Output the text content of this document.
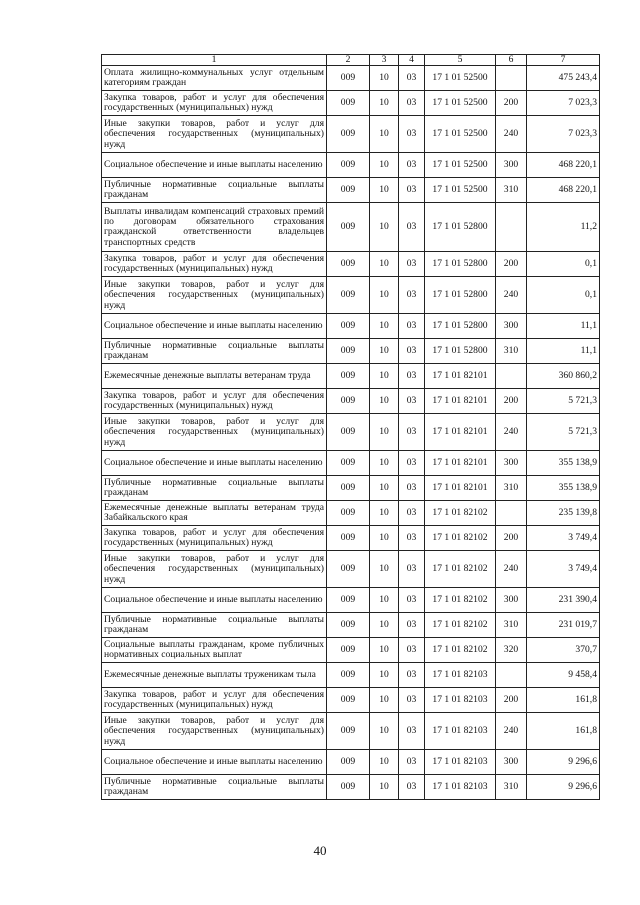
1	2	3	4	5	6	7
Оплата жилищно-коммунальных услуг отдельным категориям граждан	009	10	03	17 1 01 52500		475 243,4
Закупка товаров, работ и услуг для обеспечения государственных (муниципальных) нужд	009	10	03	17 1 01 52500	200	7 023,3
Иные закупки товаров, работ и услуг для обеспечения государственных (муниципальных) нужд	009	10	03	17 1 01 52500	240	7 023,3
Социальное обеспечение и иные выплаты населению	009	10	03	17 1 01 52500	300	468 220,1
Публичные нормативные социальные выплаты гражданам	009	10	03	17 1 01 52500	310	468 220,1
Выплаты инвалидам компенсаций страховых премий по договорам обязательного страхования гражданской ответственности владельцев транспортных средств	009	10	03	17 1 01 52800		11,2
Закупка товаров, работ и услуг для обеспечения государственных (муниципальных) нужд	009	10	03	17 1 01 52800	200	0,1
Иные закупки товаров, работ и услуг для обеспечения государственных (муниципальных) нужд	009	10	03	17 1 01 52800	240	0,1
Социальное обеспечение и иные выплаты населению	009	10	03	17 1 01 52800	300	11,1
Публичные нормативные социальные выплаты гражданам	009	10	03	17 1 01 52800	310	11,1
Ежемесячные денежные выплаты ветеранам труда	009	10	03	17 1 01 82101		360 860,2
Закупка товаров, работ и услуг для обеспечения государственных (муниципальных) нужд	009	10	03	17 1 01 82101	200	5 721,3
Иные закупки товаров, работ и услуг для обеспечения государственных (муниципальных) нужд	009	10	03	17 1 01 82101	240	5 721,3
Социальное обеспечение и иные выплаты населению	009	10	03	17 1 01 82101	300	355 138,9
Публичные нормативные социальные выплаты гражданам	009	10	03	17 1 01 82101	310	355 138,9
Ежемесячные денежные выплаты ветеранам труда Забайкальского края	009	10	03	17 1 01 82102		235 139,8
Закупка товаров, работ и услуг для обеспечения государственных (муниципальных) нужд	009	10	03	17 1 01 82102	200	3 749,4
Иные закупки товаров, работ и услуг для обеспечения государственных (муниципальных) нужд	009	10	03	17 1 01 82102	240	3 749,4
Социальное обеспечение и иные выплаты населению	009	10	03	17 1 01 82102	300	231 390,4
Публичные нормативные социальные выплаты гражданам	009	10	03	17 1 01 82102	310	231 019,7
Социальные выплаты гражданам, кроме публичных нормативных социальных выплат	009	10	03	17 1 01 82102	320	370,7
Ежемесячные денежные выплаты труженикам тыла	009	10	03	17 1 01 82103		9 458,4
Закупка товаров, работ и услуг для обеспечения государственных (муниципальных) нужд	009	10	03	17 1 01 82103	200	161,8
Иные закупки товаров, работ и услуг для обеспечения государственных (муниципальных) нужд	009	10	03	17 1 01 82103	240	161,8
Социальное обеспечение и иные выплаты населению	009	10	03	17 1 01 82103	300	9 296,6
Публичные нормативные социальные выплаты гражданам	009	10	03	17 1 01 82103	310	9 296,6
40
